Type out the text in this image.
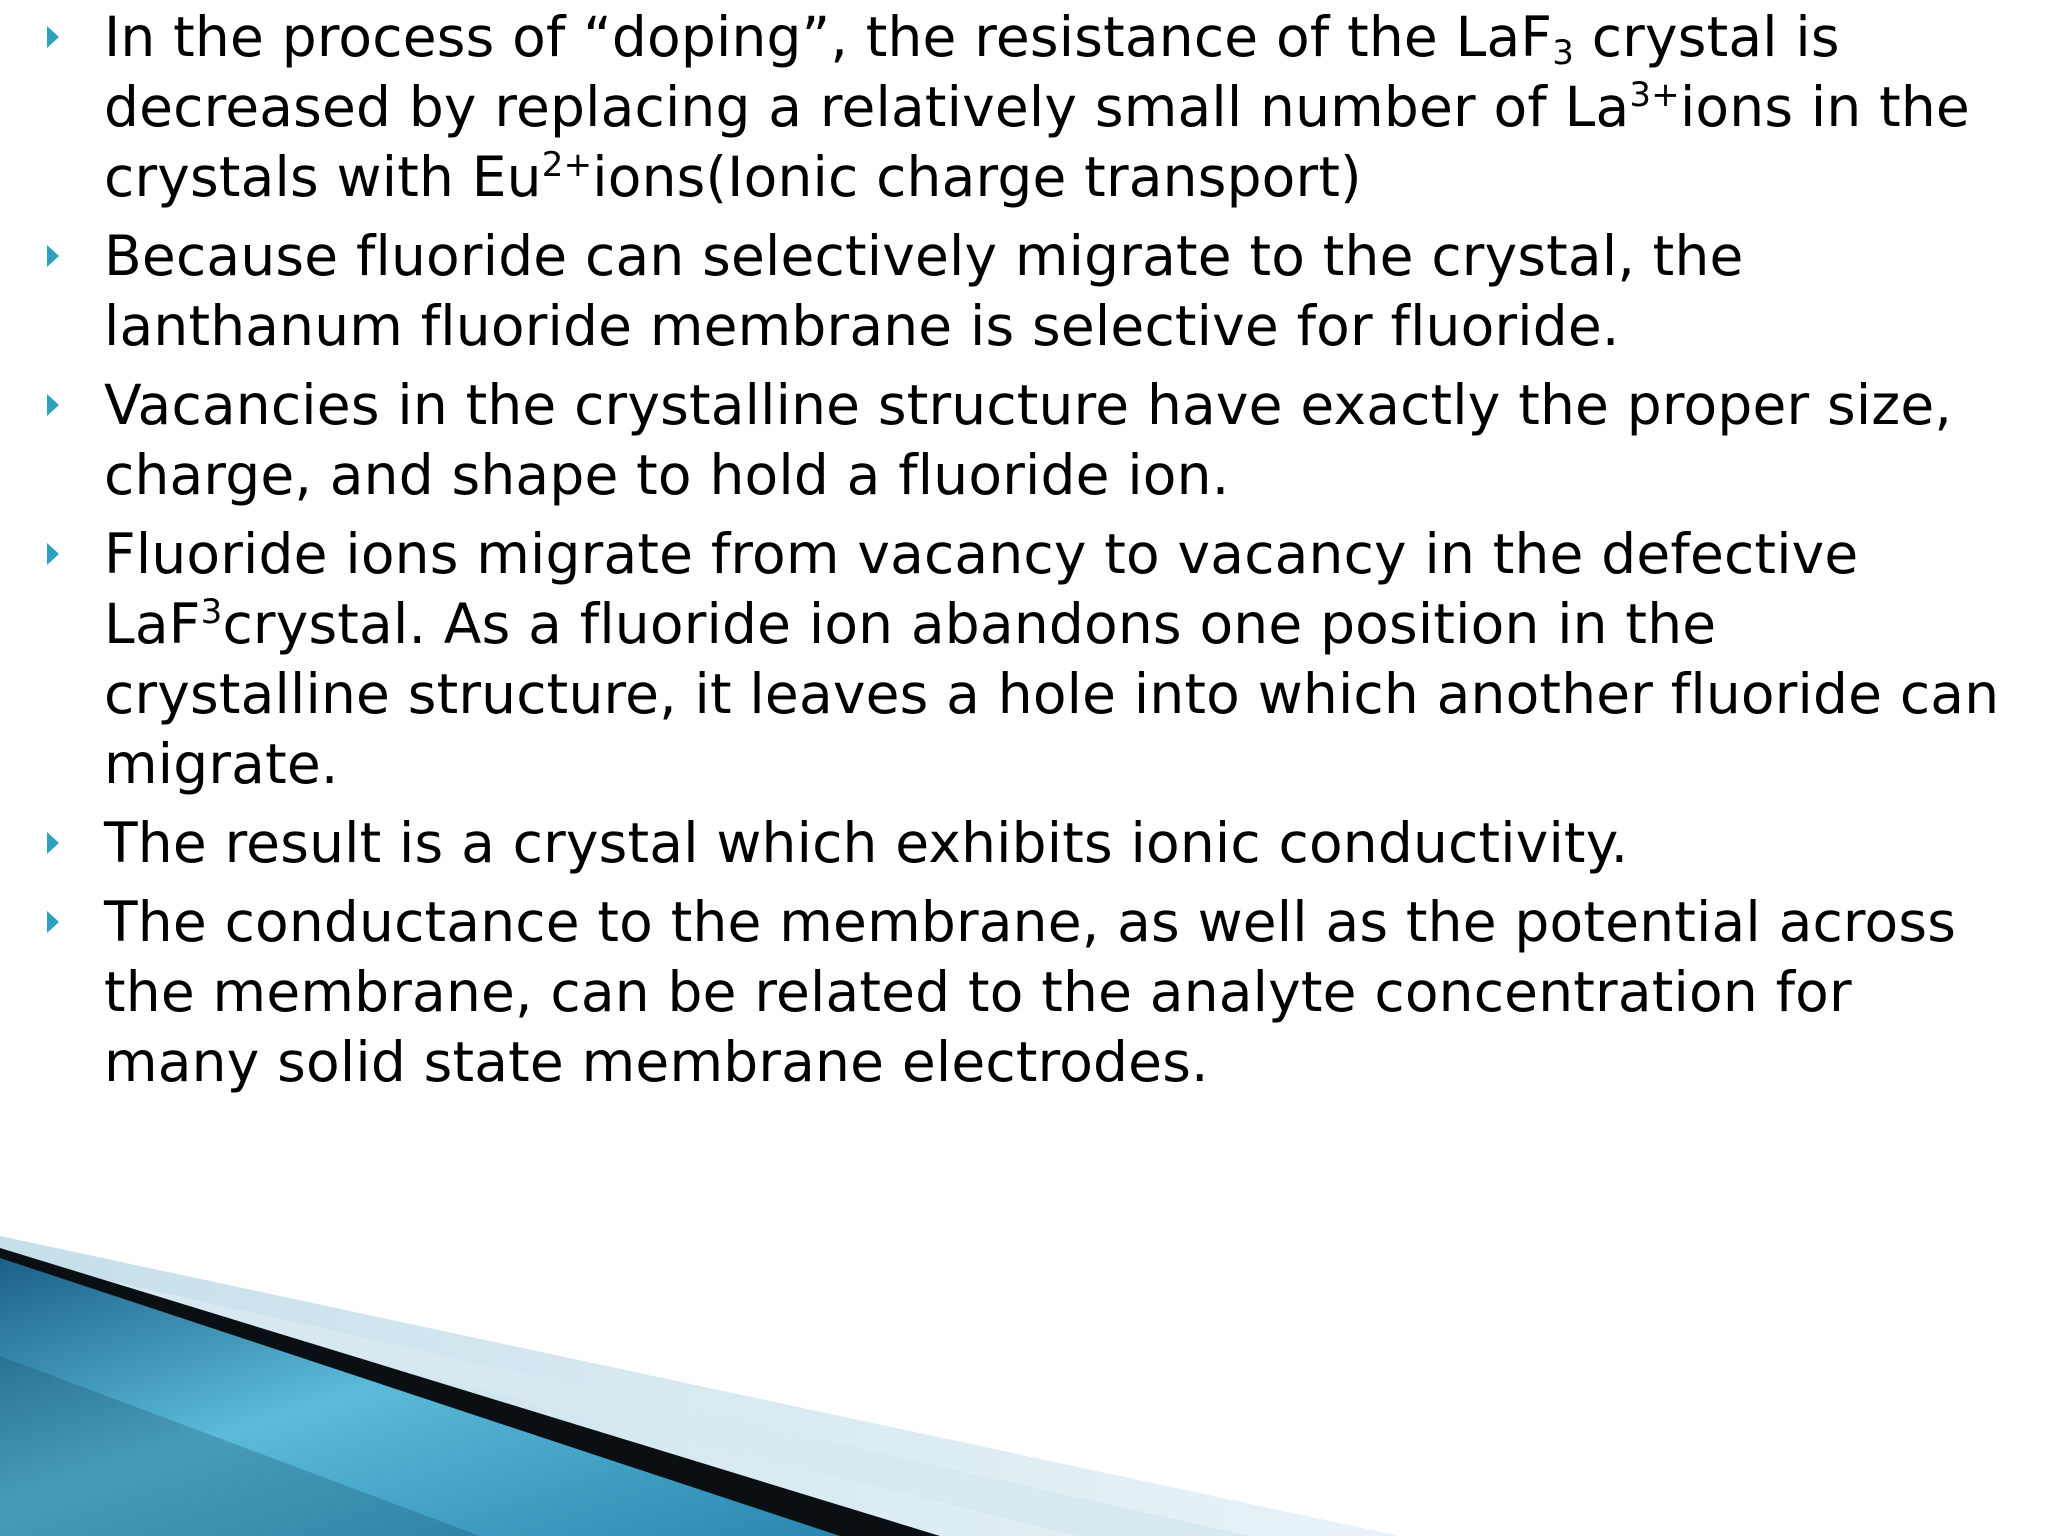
In the process of “doping”, the resistance of the LaF$_3$ crystal is decreased by replacing a relatively small number of $La^{3+}ions$ in the crystals with $Eu^{2+}ions(Ionic$ charge transport)
Because fluoride can selectively migrate to the crystal, the lanthanum fluoride membrane is selective for fluoride.
Vacancies in the crystalline structure have exactly the proper size, charge, and shape to hold a fluoride ion.
Fluoride ions migrate from vacancy to vacancy in the defective LaF$^3$crystal. As a fluoride ion abandons one position in the crystalline structure, it leaves a hole into which another fluoride can migrate.
The result is a crystal which exhibits ionic conductivity.
The conductance to the membrane, as well as the potential across the membrane, can be related to the analyte concentration for many solid state membrane electrodes.
